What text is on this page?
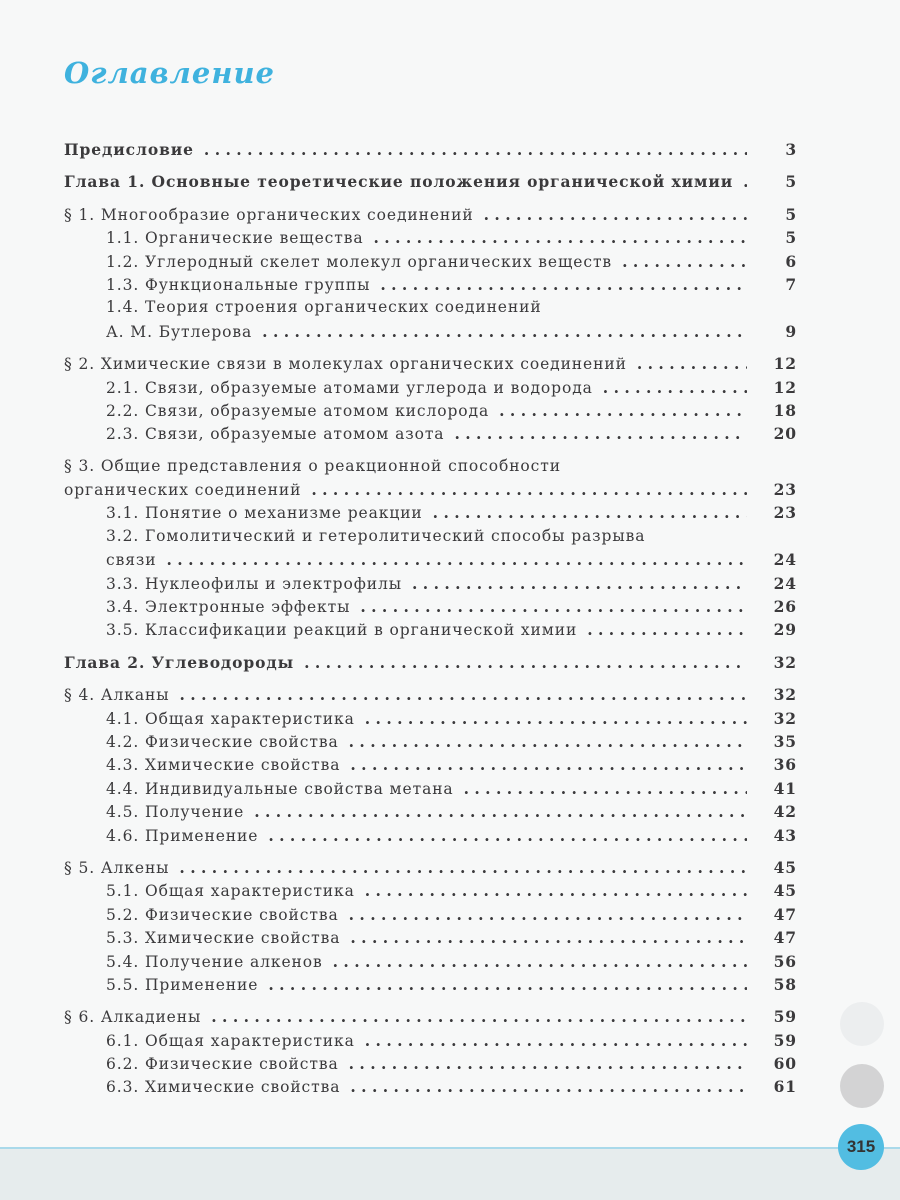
Оглавление
Предисловие . . .	3
Глава 1. Основные теоретические положения органической химии . . .	5
§ 1. Многообразие органических соединений . . .	5
1.1. Органические вещества . . .	5
1.2. Углеродный скелет молекул органических веществ . . .	6
1.3. Функциональные группы . . .	7
1.4. Теория строения органических соединений
А. М. Бутлерова . . .	9
§ 2. Химические связи в молекулах органических соединений . . .	12
2.1. Связи, образуемые атомами углерода и водорода . . .	12
2.2. Связи, образуемые атомом кислорода . . .	18
2.3. Связи, образуемые атомом азота . . .	20
§ 3. Общие представления о реакционной способности
органических соединений . . .	23
3.1. Понятие о механизме реакции . . .	23
3.2. Гомолитический и гетеролитический способы разрыва
связи . . .	24
3.3. Нуклеофилы и электрофилы . . .	24
3.4. Электронные эффекты . . .	26
3.5. Классификации реакций в органической химии . . .	29
Глава 2. Углеводороды . . .	32
§ 4. Алканы . . .	32
4.1. Общая характеристика . . .	32
4.2. Физические свойства . . .	35
4.3. Химические свойства . . .	36
4.4. Индивидуальные свойства метана . . .	41
4.5. Получение . . .	42
4.6. Применение . . .	43
§ 5. Алкены . . .	45
5.1. Общая характеристика . . .	45
5.2. Физические свойства . . .	47
5.3. Химические свойства . . .	47
5.4. Получение алкенов . . .	56
5.5. Применение . . .	58
§ 6. Алкадиены . . .	59
6.1. Общая характеристика . . .	59
6.2. Физические свойства . . .	60
6.3. Химические свойства . . .	61
315
